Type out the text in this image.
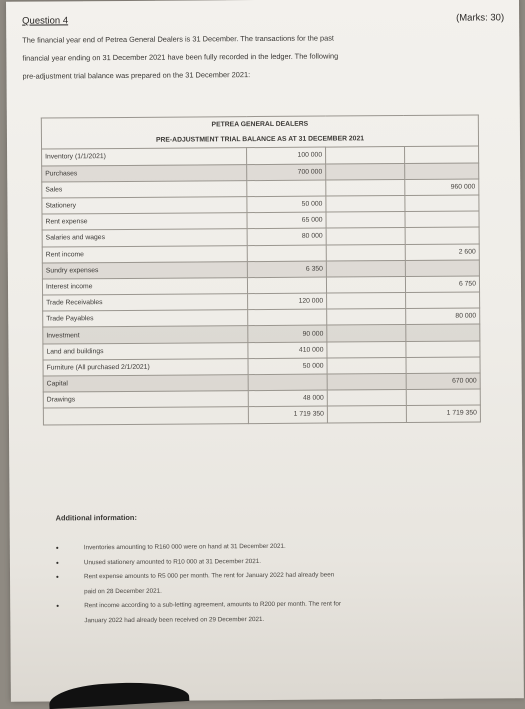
Question 4	(Marks: 30)

The financial year end of Petrea General Dealers is 31 December. The transactions for the past

financial year ending on 31 December 2021 have been fully recorded in the ledger. The following

pre-adjustment trial balance was prepared on the 31 December 2021:

PETREA GENERAL DEALERS			
PRE-ADJUSTMENT TRIAL BALANCE AS AT 31 DECEMBER 2021			
Inventory (1/1/2021)	100 000		
Purchases	700 000		
Sales			960 000
Stationery	50 000		
Rent expense	65 000		
Salaries and wages	80 000		
Rent income			2 600
Sundry expenses	6 350		
Interest income			6 750
Trade Receivables	120 000		
Trade Payables			80 000
Investment	90 000		
Land and buildings	410 000		
Furniture (All purchased 2/1/2021)	50 000		
Capital			670 000
Drawings	48 000		
	1 719 350		1 719 350
Additional information:
•	Inventories amounting to R160 000 were on hand at 31 December 2021.
•	Unused stationery amounted to R10 000 at 31 December 2021.
•	Rent expense amounts to R5 000 per month. The rent for January 2022 had already been
paid on 28 December 2021.
•	Rent income according to a sub-letting agreement, amounts to R200 per month. The rent for
January 2022 had already been received on 29 December 2021.
